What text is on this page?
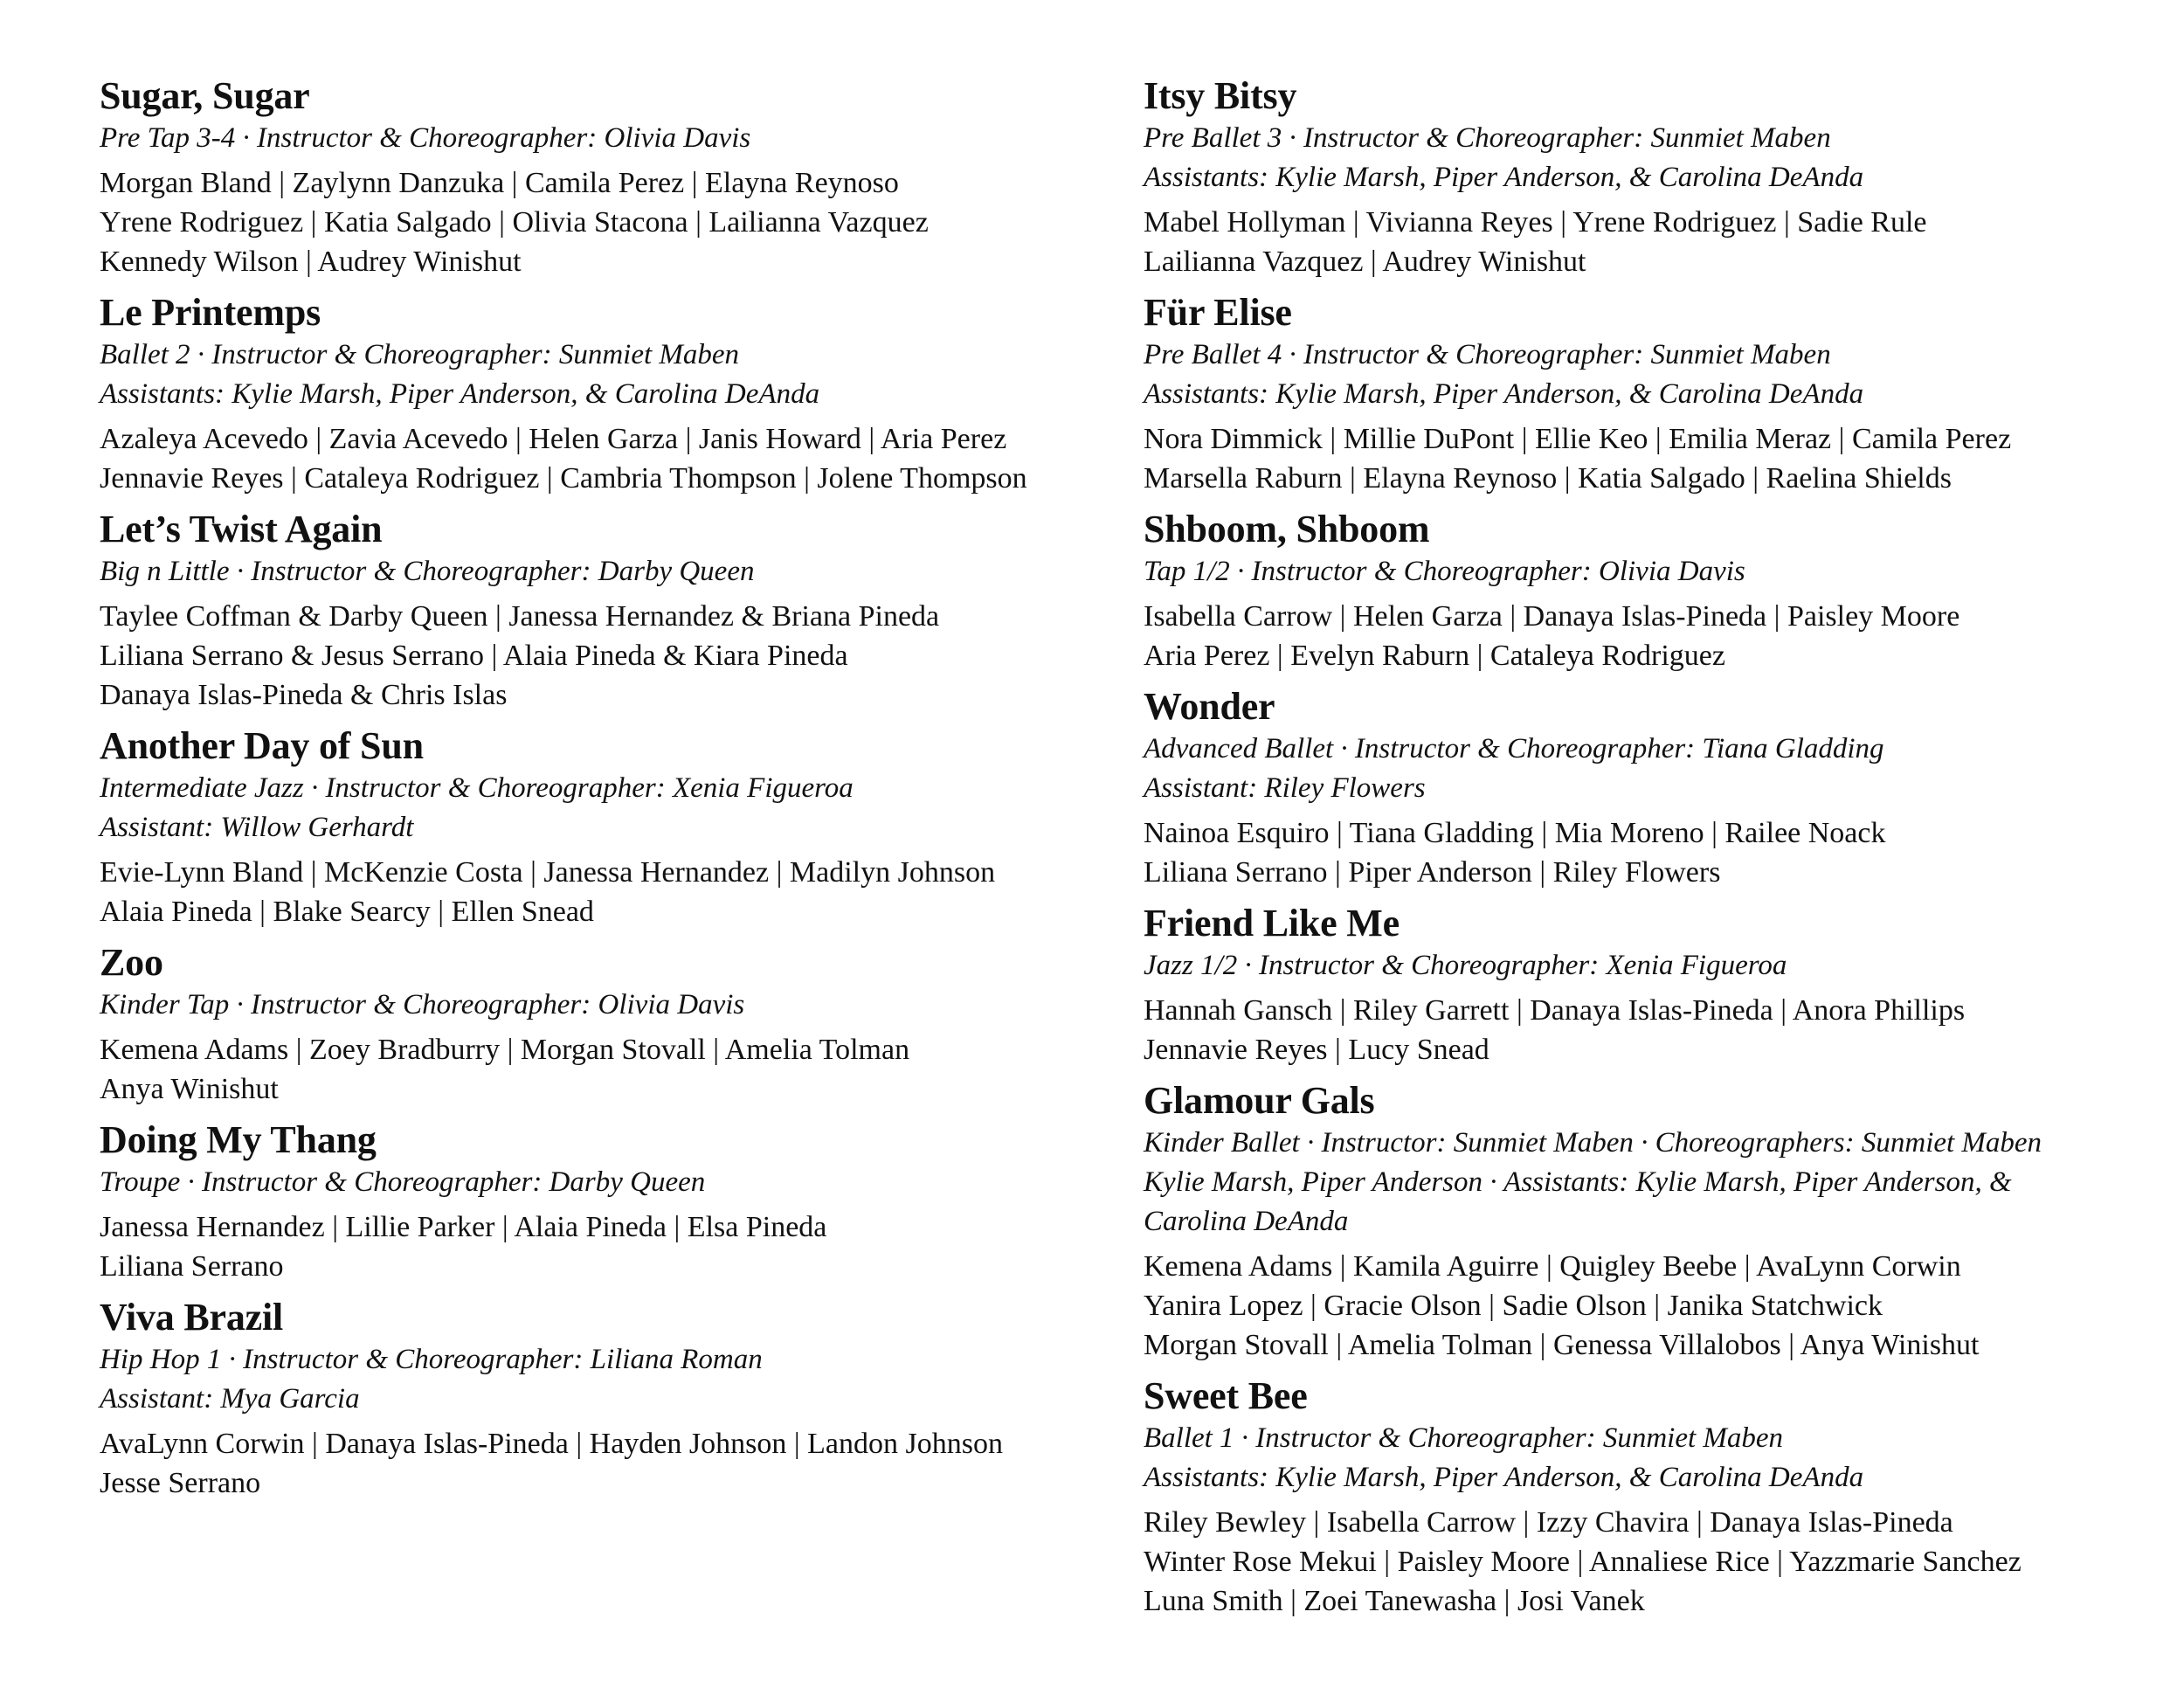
Sugar, Sugar
Pre Tap 3-4 · Instructor & Choreographer: Olivia Davis
Morgan Bland | Zaylynn Danzuka | Camila Perez | Elayna Reynoso
Yrene Rodriguez | Katia Salgado | Olivia Stacona | Lailianna Vazquez
Kennedy Wilson | Audrey Winishut
Le Printemps
Ballet 2 · Instructor & Choreographer: Sunmiet Maben
Assistants: Kylie Marsh, Piper Anderson, & Carolina DeAnda
Azaleya Acevedo | Zavia Acevedo | Helen Garza | Janis Howard | Aria Perez
Jennavie Reyes | Cataleya Rodriguez | Cambria Thompson | Jolene Thompson
Let’s Twist Again
Big n Little · Instructor & Choreographer: Darby Queen
Taylee Coffman & Darby Queen | Janessa Hernandez & Briana Pineda
Liliana Serrano & Jesus Serrano | Alaia Pineda & Kiara Pineda
Danaya Islas-Pineda & Chris Islas
Another Day of Sun
Intermediate Jazz · Instructor & Choreographer: Xenia Figueroa
Assistant: Willow Gerhardt
Evie-Lynn Bland | McKenzie Costa | Janessa Hernandez | Madilyn Johnson
Alaia Pineda | Blake Searcy | Ellen Snead
Zoo
Kinder Tap · Instructor & Choreographer: Olivia Davis
Kemena Adams | Zoey Bradburry | Morgan Stovall | Amelia Tolman
Anya Winishut
Doing My Thang
Troupe · Instructor & Choreographer: Darby Queen
Janessa Hernandez | Lillie Parker | Alaia Pineda | Elsa Pineda
Liliana Serrano
Viva Brazil
Hip Hop 1 · Instructor & Choreographer: Liliana Roman
Assistant: Mya Garcia
AvaLynn Corwin | Danaya Islas-Pineda | Hayden Johnson | Landon Johnson
Jesse Serrano
Itsy Bitsy
Pre Ballet 3 · Instructor & Choreographer: Sunmiet Maben
Assistants: Kylie Marsh, Piper Anderson, & Carolina DeAnda
Mabel Hollyman | Vivianna Reyes | Yrene Rodriguez | Sadie Rule
Lailianna Vazquez | Audrey Winishut
Für Elise
Pre Ballet 4 · Instructor & Choreographer: Sunmiet Maben
Assistants: Kylie Marsh, Piper Anderson, & Carolina DeAnda
Nora Dimmick | Millie DuPont | Ellie Keo | Emilia Meraz | Camila Perez
Marsella Raburn | Elayna Reynoso | Katia Salgado | Raelina Shields
Shboom, Shboom
Tap 1/2 · Instructor & Choreographer: Olivia Davis
Isabella Carrow | Helen Garza | Danaya Islas-Pineda | Paisley Moore
Aria Perez | Evelyn Raburn | Cataleya Rodriguez
Wonder
Advanced Ballet · Instructor & Choreographer: Tiana Gladding
Assistant: Riley Flowers
Nainoa Esquiro | Tiana Gladding | Mia Moreno | Railee Noack
Liliana Serrano | Piper Anderson | Riley Flowers
Friend Like Me
Jazz 1/2 · Instructor & Choreographer: Xenia Figueroa
Hannah Gansch | Riley Garrett | Danaya Islas-Pineda | Anora Phillips
Jennavie Reyes | Lucy Snead
Glamour Gals
Kinder Ballet · Instructor: Sunmiet Maben · Choreographers: Sunmiet Maben
Kylie Marsh, Piper Anderson · Assistants: Kylie Marsh, Piper Anderson, &
Carolina DeAnda
Kemena Adams | Kamila Aguirre | Quigley Beebe | AvaLynn Corwin
Yanira Lopez | Gracie Olson | Sadie Olson | Janika Statchwick
Morgan Stovall | Amelia Tolman | Genessa Villalobos | Anya Winishut
Sweet Bee
Ballet 1 · Instructor & Choreographer: Sunmiet Maben
Assistants: Kylie Marsh, Piper Anderson, & Carolina DeAnda
Riley Bewley | Isabella Carrow | Izzy Chavira | Danaya Islas-Pineda
Winter Rose Mekui | Paisley Moore | Annaliese Rice | Yazzmarie Sanchez
Luna Smith | Zoei Tanewasha | Josi Vanek
